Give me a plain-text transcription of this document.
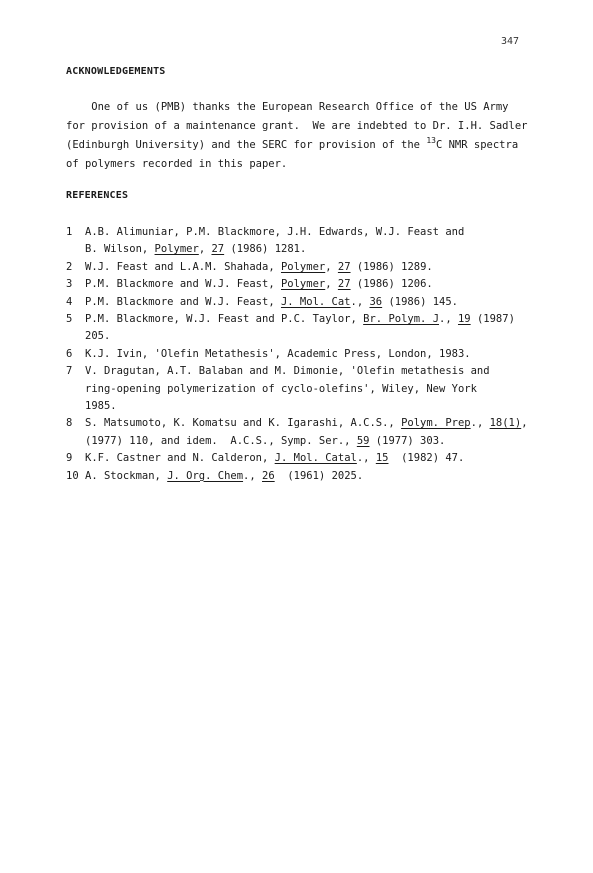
347
ACKNOWLEDGEMENTS
One of us (PMB) thanks the European Research Office of the US Army
for provision of a maintenance grant.  We are indebted to Dr. I.H. Sadler
(Edinburgh University) and the SERC for provision of the $^{13}$C NMR spectra
of polymers recorded in this paper.
REFERENCES
1 A.B. Alimuniar, P.M. Blackmore, J.H. Edwards, W.J. Feast and
B. Wilson, Polymer, 27 (1986) 1281.
2 W.J. Feast and L.A.M. Shahada, Polymer, 27 (1986) 1289.
3 P.M. Blackmore and W.J. Feast, Polymer, 27 (1986) 1206.
4 P.M. Blackmore and W.J. Feast, J. Mol. Cat., 36 (1986) 145.
5 P.M. Blackmore, W.J. Feast and P.C. Taylor, Br. Polym. J., 19 (1987)
205.
6 K.J. Ivin, 'Olefin Metathesis', Academic Press, London, 1983.
7 V. Dragutan, A.T. Balaban and M. Dimonie, 'Olefin metathesis and
ring-opening polymerization of cyclo-olefins', Wiley, New York
1985.
8 S. Matsumoto, K. Komatsu and K. Igarashi, A.C.S., Polym. Prep., 18(1),
(1977) 110, and idem.  A.C.S., Symp. Ser., 59 (1977) 303.
9 K.F. Castner and N. Calderon, J. Mol. Catal., 15  (1982) 47.
10 A. Stockman, J. Org. Chem., 26  (1961) 2025.
